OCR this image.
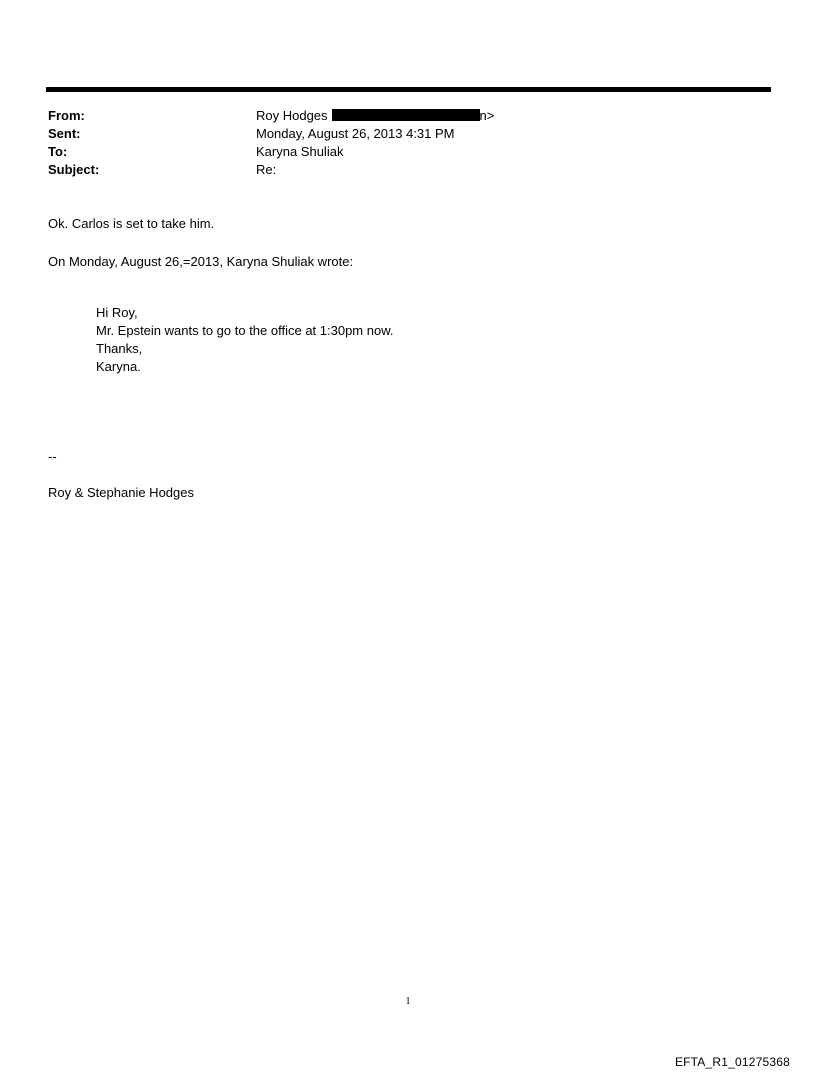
From:	Roy Hodges	n>
Sent:	Monday, August 26, 2013 4:31 PM
To:	Karyna Shuliak
Subject:	Re:
Ok. Carlos is set to take him.
On Monday, August 26,=2013, Karyna Shuliak wrote:
Hi Roy,
Mr. Epstein wants to go to the office at 1:30pm now.
Thanks,
Karyna.
--
Roy & Stephanie Hodges
1
EFTA_R1_01275368
